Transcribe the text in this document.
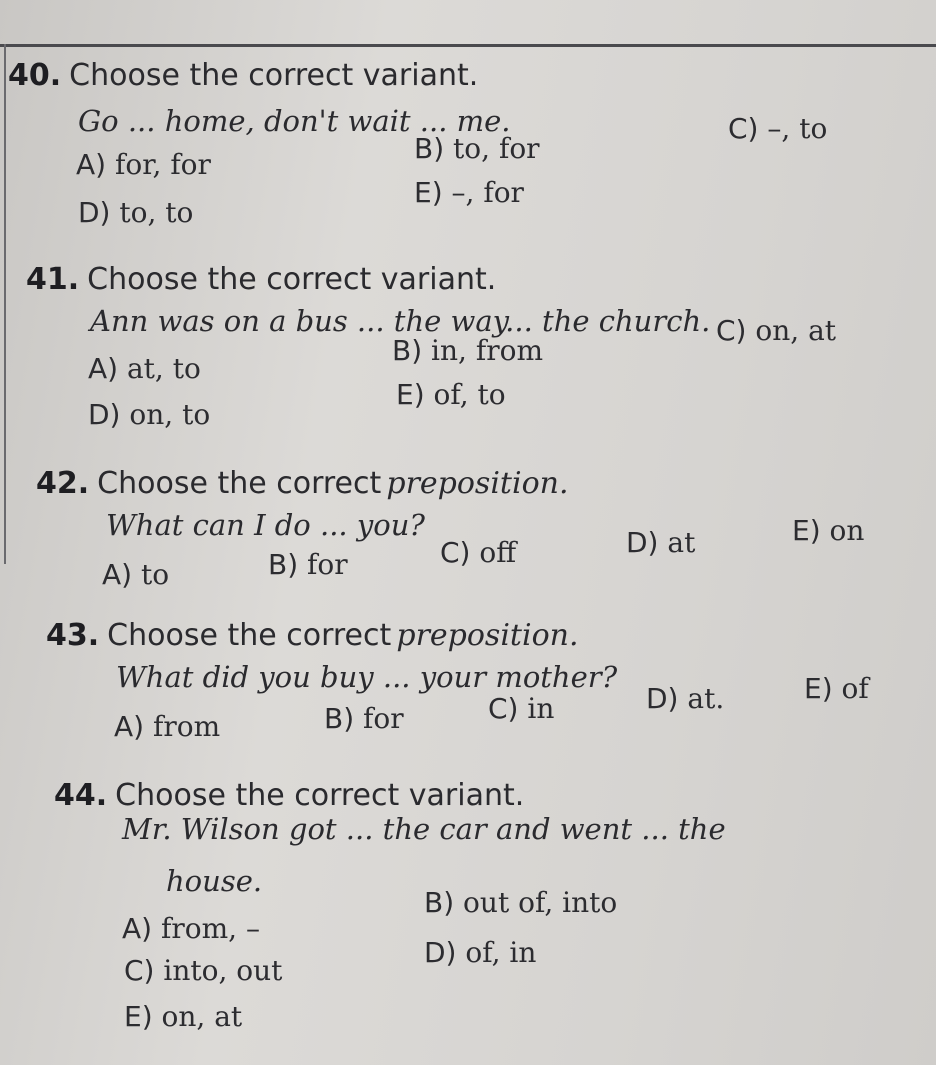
40. Choose the correct variant.
Go ... home, don't wait ... me.
A) for, for	B) to, for
C) –, to
D) to, to
E) –, for
41. Choose the correct variant.
Ann was on a bus ... the way... the church.
A) at, to
B) in, from
C) on, at
D) on, to
E) of, to
42. Choose the correct preposition.
What can I do ... you?
A) to	B) for	C) off	D) at	E) on
43. Choose the correct preposition.
What did you buy ... your mother?
A) from	B) for	C) in	D) at.	E) of
44. Choose the correct variant.
Mr. Wilson got ... the car and went ... the
house.
A) from, –
B) out of, into
C) into, out
D) of, in
E) on, at
